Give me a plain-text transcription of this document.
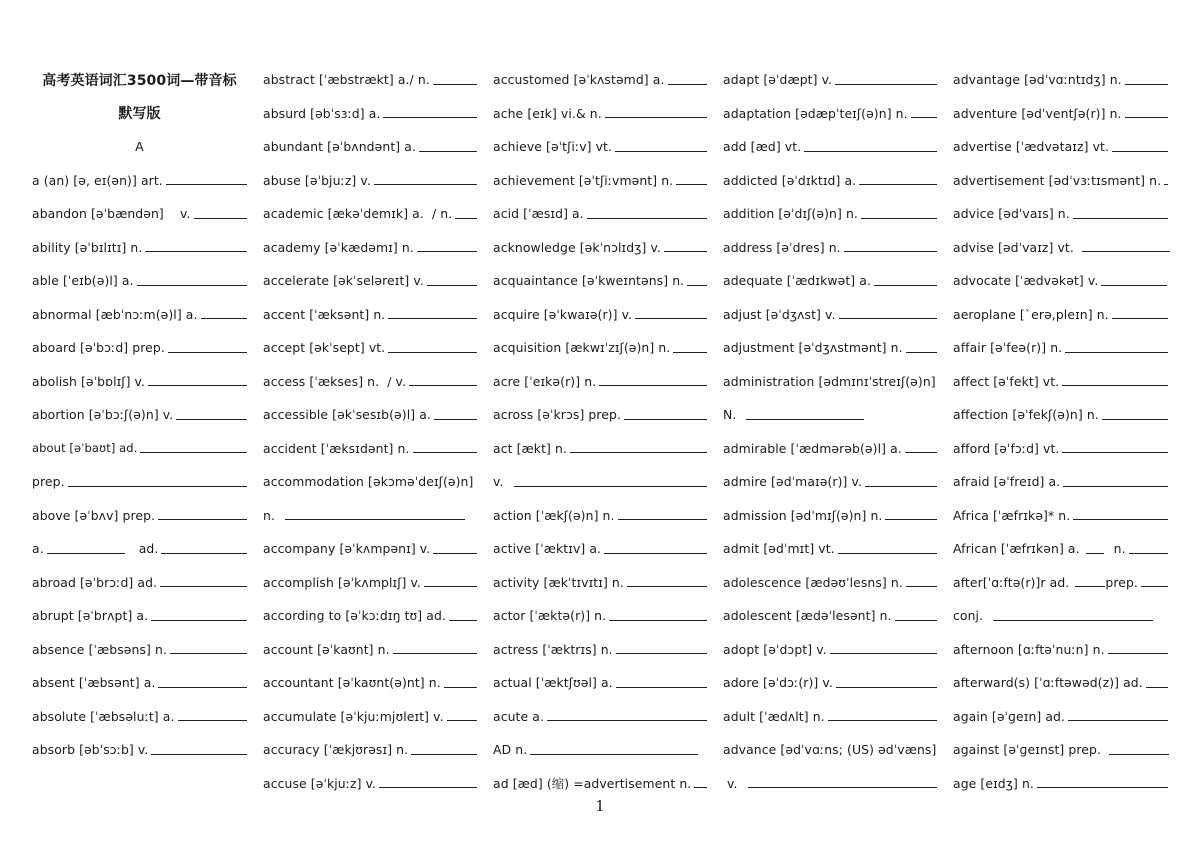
高考英语词汇3500词—带音标
默写版
A
a (an) [ə, eɪ(ən)] art.
abandon [əˈbændən]    v.
ability [əˈbɪlɪtɪ] n.
able [ˈeɪb(ə)l] a.
abnormal [æbˈnɔːm(ə)l] a.
aboard [əˈbɔːd] prep.
abolish [əˈbɒlɪʃ] v.
abortion [əˈbɔːʃ(ə)n] v.
about [əˈbaʊt] ad.
prep.
above [əˈbʌv] prep.
a.	ad.
abroad [əˈbrɔːd] ad.
abrupt [əˈbrʌpt] a.
absence [ˈæbsəns] n.
absent [ˈæbsənt] a.
absolute [ˈæbsəluːt] a.
absorb [əbˈsɔːb] v.
abstract [ˈæbstrækt] a./ n.
absurd [əbˈsɜːd] a.
abundant [əˈbʌndənt] a.
abuse [əˈbjuːz] v.
academic [ækəˈdemɪk] a.  / n.
academy [əˈkædəmɪ] n.
accelerate [əkˈseləreɪt] v.
accent [ˈæksənt] n.
accept [əkˈsept] vt.
access [ˈækses] n.  / v.
accessible [əkˈsesɪb(ə)l] a.
accident [ˈæksɪdənt] n.
accommodation [əkɔməˈdeɪʃ(ə)n]
n.
accompany [əˈkʌmpənɪ] v.
accomplish [əˈkʌmplɪʃ] v.
according to [əˈkɔːdɪŋ tʊ] ad.
account [əˈkaʊnt] n.
accountant [əˈkaʊnt(ə)nt] n.
accumulate [əˈkjuːmjʊleɪt] v.
accuracy [ˈækjʊrəsɪ] n.
accuse [əˈkjuːz] v.
accustomed [əˈkʌstəmd] a.
ache [eɪk] vi.& n.
achieve [əˈtʃiːv] vt.
achievement [əˈtʃiːvmənt] n.
acid [ˈæsɪd] a.
acknowledge [əkˈnɔlɪdʒ] v.
acquaintance [əˈkweɪntəns] n.
acquire [əˈkwaɪə(r)] v.
acquisition [ækwɪˈzɪʃ(ə)n] n.
acre [ˈeɪkə(r)] n.
across [əˈkrɔs] prep.
act [ækt] n.
v.
action [ˈækʃ(ə)n] n.
active [ˈæktɪv] a.
activity [ækˈtɪvɪtɪ] n.
actor [ˈæktə(r)] n.
actress [ˈæktrɪs] n.
actual [ˈæktʃʊəl] a.
acute a.
AD n.
ad [æd] (缩) =advertisement n.
adapt [əˈdæpt] v.
adaptation [ədæpˈteɪʃ(ə)n] n.
add [æd] vt.
addicted [əˈdɪktɪd] a.
addition [əˈdɪʃ(ə)n] n.
address [əˈdres] n.
adequate [ˈædɪkwət] a.
adjust [əˈdʒʌst] v.
adjustment [əˈdʒʌstmənt] n.
administration [ədmɪnɪˈstreɪʃ(ə)n]
N.
admirable [ˈædmərəb(ə)l] a.
admire [ədˈmaɪə(r)] v.
admission [ədˈmɪʃ(ə)n] n.
admit [ədˈmɪt] vt.
adolescence [ædəʊˈlesns] n.
adolescent [ædəˈlesənt] n.
adopt [əˈdɔpt] v.
adore [əˈdɔː(r)] v.
adult [ˈædʌlt] n.
advance [ədˈvɑːns; (US) ədˈvæns]
v.
advantage [ədˈvɑːntɪdʒ] n.
adventure [ədˈventʃə(r)] n.
advertise [ˈædvətaɪz] vt.
advertisement [ədˈvɜːtɪsmənt] n.
advice [ədˈvaɪs] n.
advise [ədˈvaɪz] vt.
advocate [ˈædvəkət] v.
aeroplane [ˋerə,pleɪn] n.
affair [əˈfeə(r)] n.
affect [əˈfekt] vt.
affection [əˈfekʃ(ə)n] n.
afford [əˈfɔːd] vt.
afraid [əˈfreɪd] a.
Africa [ˈæfrɪkə]* n.
African [ˈæfrɪkən] a.	n.
after[ˈɑːftə(r)]r ad.	prep.
conj.
afternoon [ɑːftəˈnuːn] n.
afterward(s) [ˈɑːftəwəd(z)] ad.
again [əˈɡeɪn] ad.
against [əˈɡeɪnst] prep.
age [eɪdʒ] n.
1
